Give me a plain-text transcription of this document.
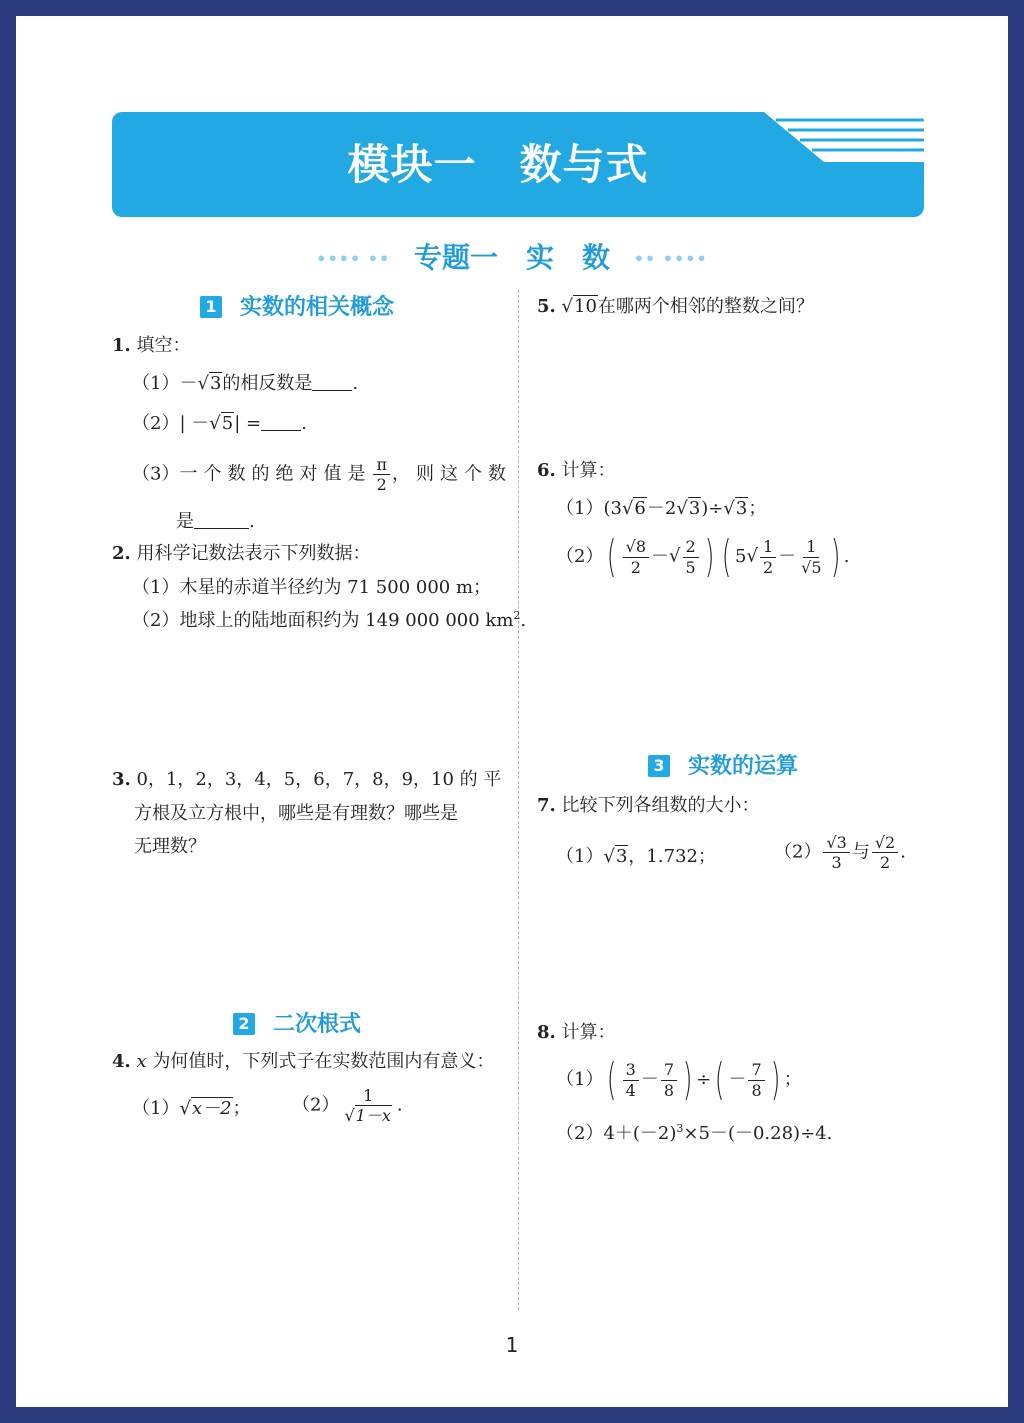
模块一　数与式
•••• •• 专题一　实　数 •• ••••
1 实数的相关概念
1. 填空：
（1）－√3的相反数是 .
（2）| －√5| = .
（3）一个数的绝对值是 $\frac{\pi}{2}$ ，则这个数
是	.
2. 用科学记数法表示下列数据：
（1）木星的赤道半径约为 71 500 000 m；
（2）地球上的陆地面积约为 149 000 000 $km^2$.
3. 0，1，2，3，4，5，6，7，8，9，10 的 平
方根及立方根中，哪些是有理数？哪些是
无理数？
2 二次根式
4. x 为何值时，下列式子在实数范围内有意义：
（1）√x－2； $(2) \frac{1}{√1-x}$ .
5. √10在哪两个相邻的整数之间？
6. 计算：
（1）(3√6－2√3)÷√3；
$(2)( \frac{√8}{2}$ －√ $\frac{2}{5}$ ) ( $5√ \frac{1}{2} - \frac{1}{√5}$ ) .
3 实数的运算
7. 比较下列各组数的大小：
（1）√3，1.732；	$(2) \frac{√3}{3}$ 与 $\frac{√2}{2}$ .
8. 计算：
$(1)( \frac{3}{4} - \frac{7}{8}$ ) ÷( － $\frac{7}{8}$ ) ；
$(2)4+(-2)^3\times 5-(-0.28)\div 4$.
1
